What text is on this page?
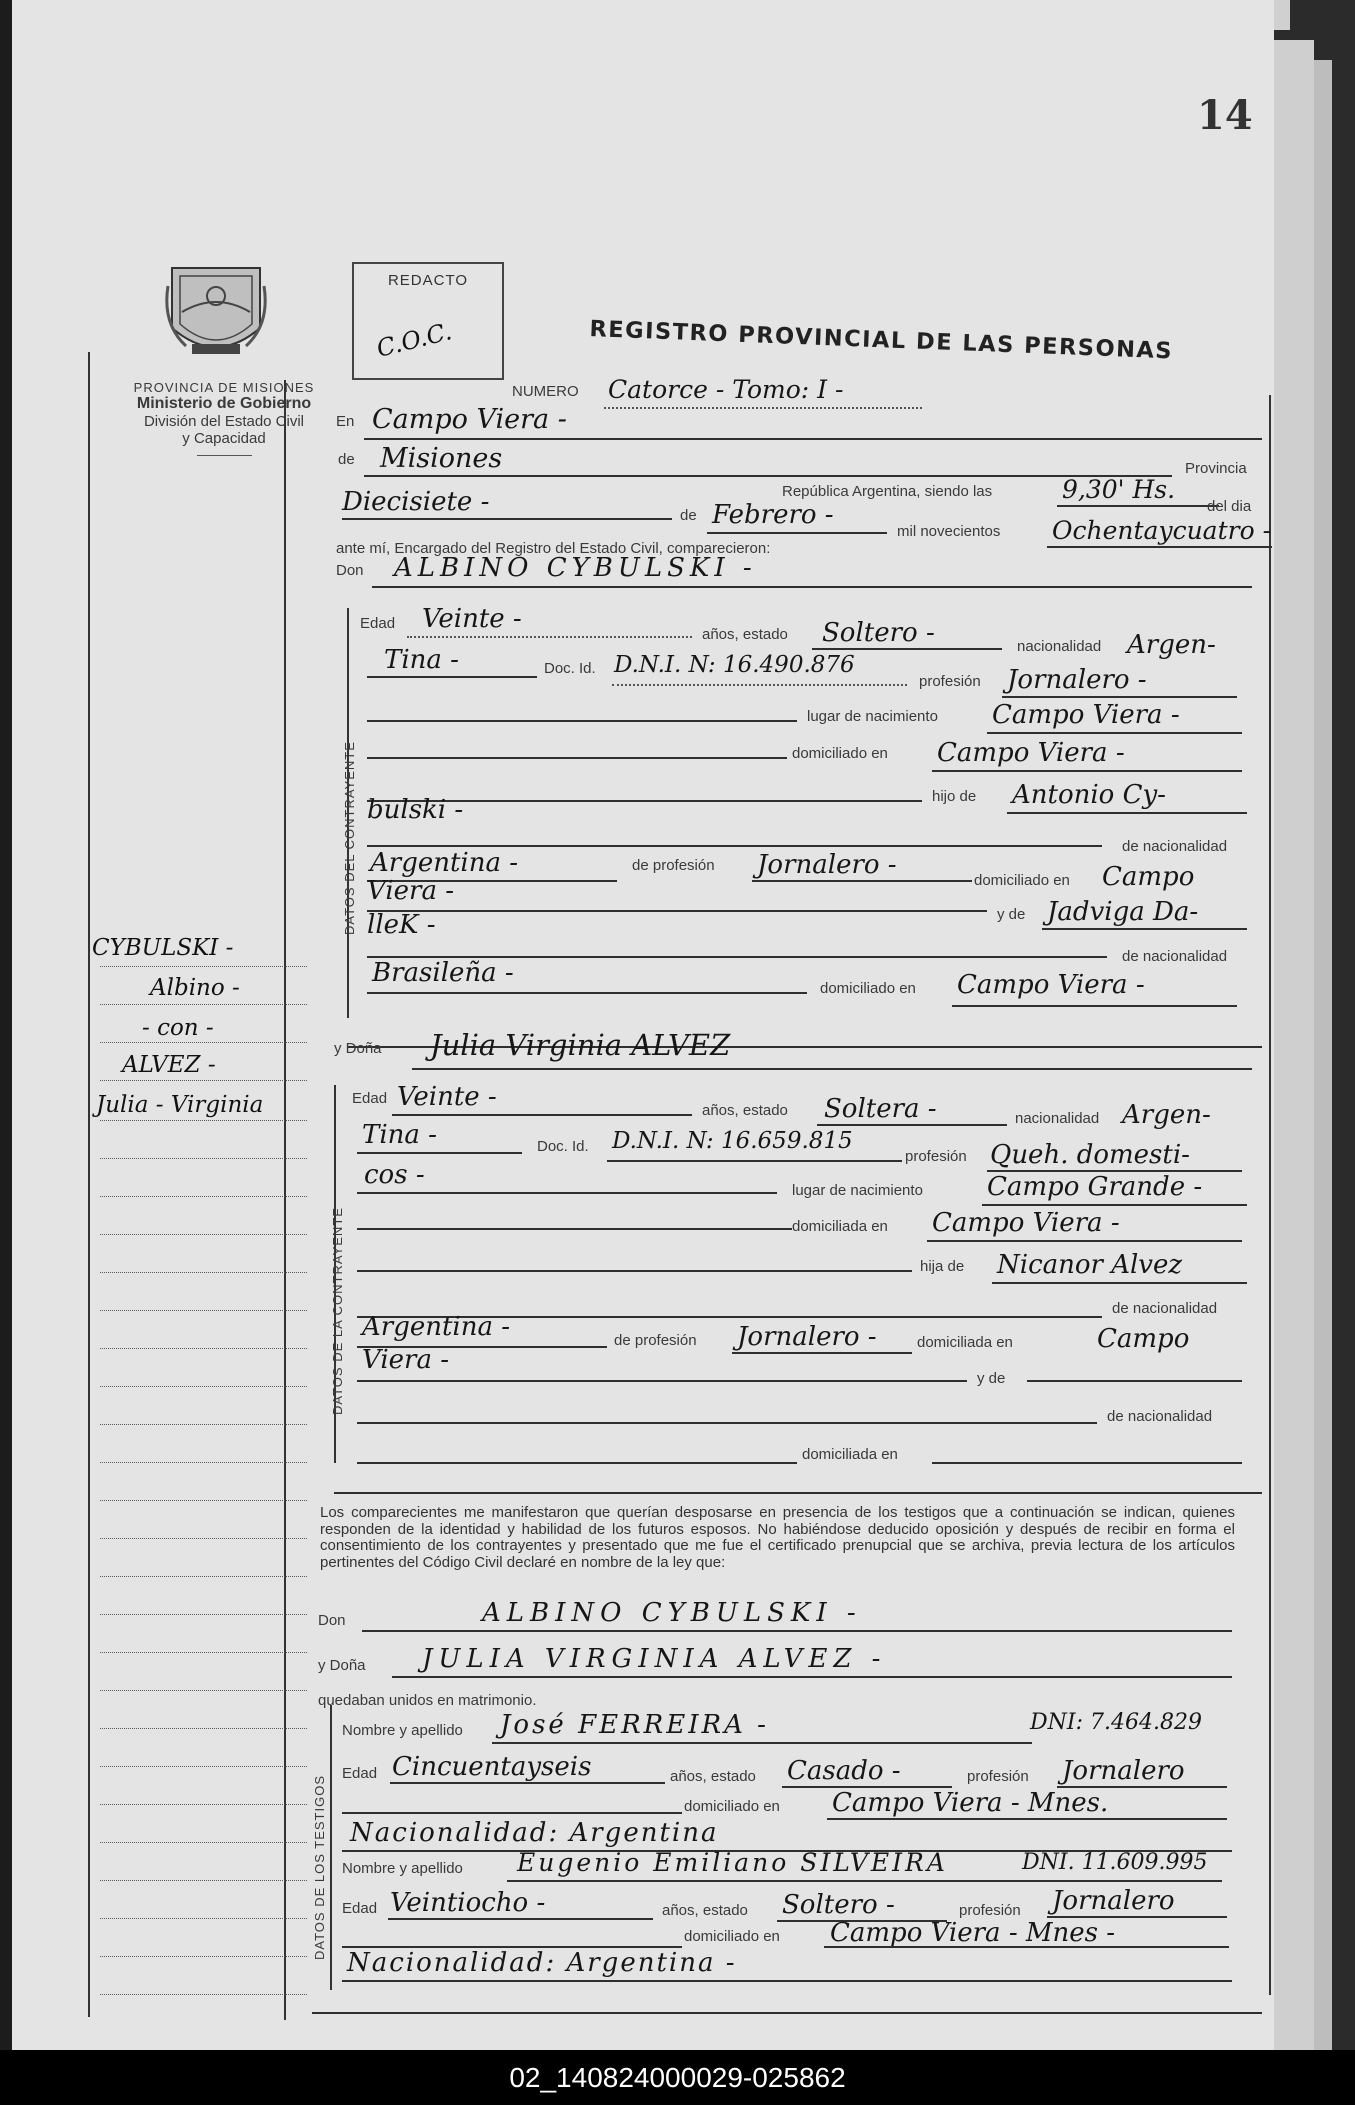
14
PROVINCIA DE MISIONES
Ministerio de Gobierno
División del Estado Civil
y Capacidad
REDACTO
C.O.C.	REGISTRO PROVINCIAL DE LAS PERSONAS
NUMERO Catorce - Tomo: I -
En Campo Viera -
de Misiones	Provincia
República Argentina, siendo las	9,30' Hs.
del dia
Diecisiete -	de Febrero -
mil novecientos Ochentaycuatro -
ante mí, Encargado del Registro del Estado Civil, comparecieron:
Don ALBINO CYBULSKI -
DATOS DEL CONTRAYENTE
Edad Veinte -
años, estado Soltero -	nacionalidad Argen-
Tina -	Doc. Id. D.N.I. N: 16.490.876
profesión Jornalero -
lugar de nacimiento Campo Viera -
domiciliado en Campo Viera -
hijo de Antonio Cy-
bulski -
de nacionalidad
Argentina -	de profesión Jornalero -
domiciliado en Campo
Viera -
y de Jadviga Da-
lleK -
de nacionalidad
Brasileña -
domiciliado en Campo Viera -
y Doña Julia Virginia ALVEZ
DATOS DE LA CONTRAYENTE
Edad Veinte -	años, estado Soltera -	nacionalidad Argen-
Tina -	Doc. Id. D.N.I. N: 16.659.815
profesión Queh. domesti-
cos -
lugar de nacimiento Campo Grande -
domiciliada en Campo Viera -
hija de Nicanor Alvez
de nacionalidad
Argentina -	de profesión Jornalero -	domiciliada en	Campo
Viera -
y de
de nacionalidad
domiciliada en
Los comparecientes me manifestaron que querían desposarse en presencia de los testigos que a continuación se indican, quienes responden de la identidad y habilidad de los futuros esposos. No habiéndose deducido oposición y después de recibir en forma el consentimiento de los contrayentes y presentado que me fue el certificado prenupcial que se archiva, previa lectura de los artículos pertinentes del Código Civil declaré en nombre de la ley que:
Don	ALBINO CYBULSKI -
y Doña JULIA VIRGINIA ALVEZ -
quedaban unidos en matrimonio.
DATOS DE LOS TESTIGOS
Nombre y apellido José FERREIRA -	DNI: 7.464.829
Edad Cincuentayseis	años, estado Casado -	profesión Jornalero
domiciliado en Campo Viera - Mnes.
Nacionalidad: Argentina
Nombre y apellido Eugenio Emiliano SILVEIRA	DNI. 11.609.995
Edad Veintiocho -	años, estado Soltero -	profesión Jornalero
domiciliado en Campo Viera - Mnes -
Nacionalidad: Argentina -
CYBULSKI -
Albino -
- con -
ALVEZ -
Julia - Virginia
02_140824000029-025862
